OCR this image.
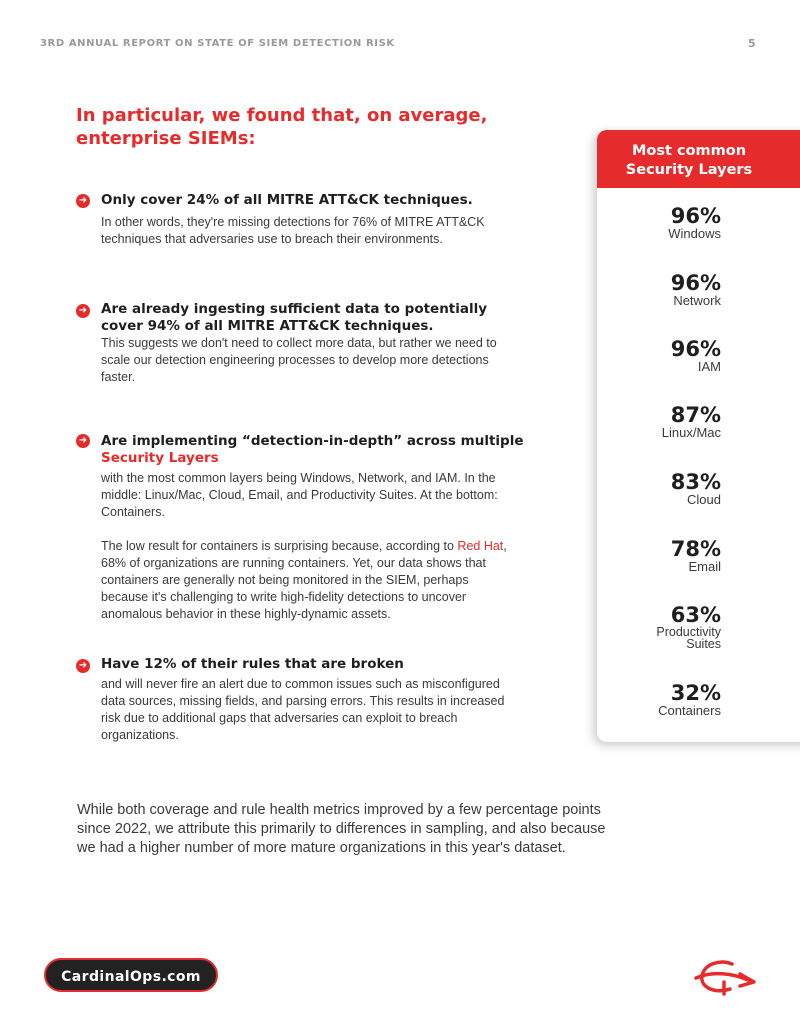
3RD ANNUAL REPORT ON STATE OF SIEM DETECTION RISK	5
In particular, we found that, on average, enterprise SIEMs:
➜ Only cover 24% of all MITRE ATT&CK techniques.
In other words, they're missing detections for 76% of MITRE ATT&CK techniques that adversaries use to breach their environments.
➜ Are already ingesting sufficient data to potentially cover 94% of all MITRE ATT&CK techniques.
This suggests we don't need to collect more data, but rather we need to scale our detection engineering processes to develop more detections faster.
➜ Are implementing “detection-in-depth” across multiple Security Layers

with the most common layers being Windows, Network, and IAM. In the middle: Linux/Mac, Cloud, Email, and Productivity Suites. At the bottom: Containers.

The low result for containers is surprising because, according to Red Hat, 68% of organizations are running containers. Yet, our data shows that containers are generally not being monitored in the SIEM, perhaps because it's challenging to write high-fidelity detections to uncover anomalous behavior in these highly-dynamic assets.

➜ Have 12% of their rules that are broken
and will never fire an alert due to common issues such as misconfigured data sources, missing fields, and parsing errors. This results in increased risk due to additional gaps that adversaries can exploit to breach organizations.
While both coverage and rule health metrics improved by a few percentage points since 2022, we attribute this primarily to differences in sampling, and also because we had a higher number of more mature organizations in this year's dataset.
CardinalOps.com
Most common Security Layers
96%
Windows
96%
Network
96%
IAM
87%
Linux/Mac
83%
Cloud
78%
Email
63%
Productivity Suites
32%
Containers
